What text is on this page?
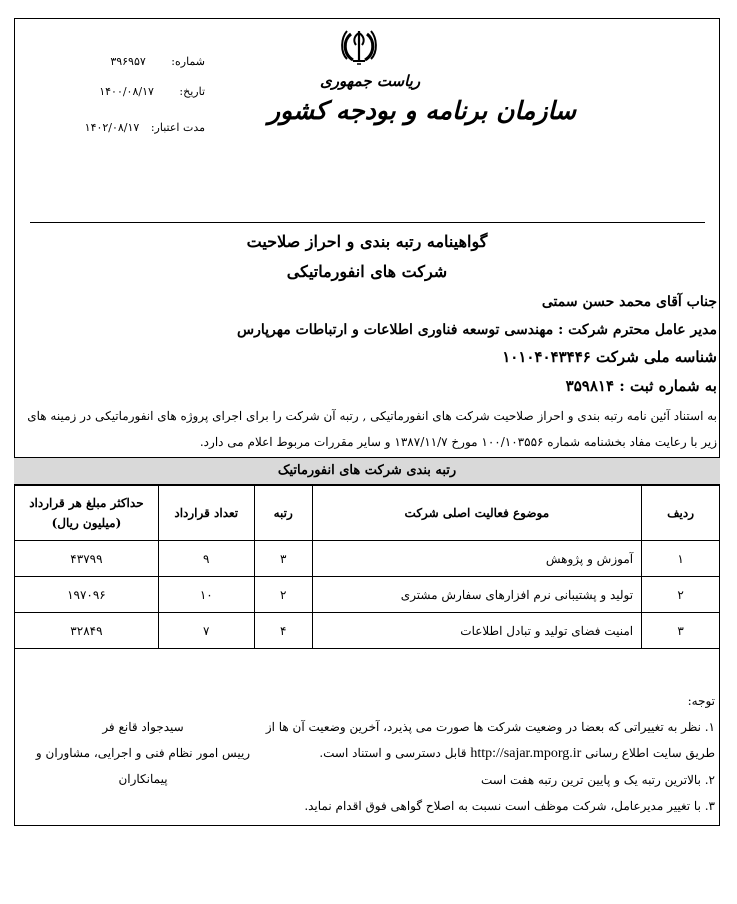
شماره: ۳۹۶۹۵۷
تاریخ: ۱۴۰۰/۰۸/۱۷
مدت اعتبار: ۱۴۰۲/۰۸/۱۷
ریاست جمهوری
سازمان برنامه و بودجه کشور
گواهینامه رتبه بندی و احراز صلاحیت
شرکت های انفورماتیکی
جناب آقای محمد حسن سمتی
مدیر عامل محترم شرکت : مهندسی توسعه فناوری اطلاعات و ارتباطات مهرپارس
شناسه ملی شرکت ۱۰۱۰۴۰۴۳۴۴۶
به شماره ثبت : ۳۵۹۸۱۴
به استناد آئین نامه رتبه بندی و احراز صلاحیت شرکت های انفورماتیکی , رتبه آن شرکت را برای اجرای پروژه های انفورماتیکی در زمینه های
زیر با رعایت مفاد بخشنامه شماره ۱۰۰/۱۰۳۵۵۶ مورخ ۱۳۸۷/۱۱/۷ و سایر مقررات مربوط اعلام می دارد.
رتبه بندی شرکت های انفورماتیک
ردیف	موضوع فعالیت اصلی شرکت	رتبه	تعداد قرارداد	حداکثر مبلغ هر قرارداد
(میلیون ریال)

۱	آموزش و پژوهش	۳	۹	۴۳۷۹۹
۲	تولید و پشتیبانی نرم افزارهای سفارش مشتری	۲	۱۰	۱۹۷۰۹۶
۳	امنیت فضای تولید و تبادل اطلاعات	۴	۷	۳۲۸۴۹
توجه:
۱. نظر به تغییراتی که بعضا در وضعیت شرکت ها صورت می پذیرد، آخرین وضعیت آن ها از
طریق سایت اطلاع رسانی http://sajar.mporg.ir قابل دسترسی و استناد است.
۲. بالاترین رتبه یک و پایین ترین رتبه هفت است
۳. با تغییر مدیرعامل، شرکت موظف است نسبت به اصلاح گواهی فوق اقدام نماید.
سیدجواد قانع فر
رییس امور نظام فنی و اجرایی، مشاوران و
پیمانکاران
